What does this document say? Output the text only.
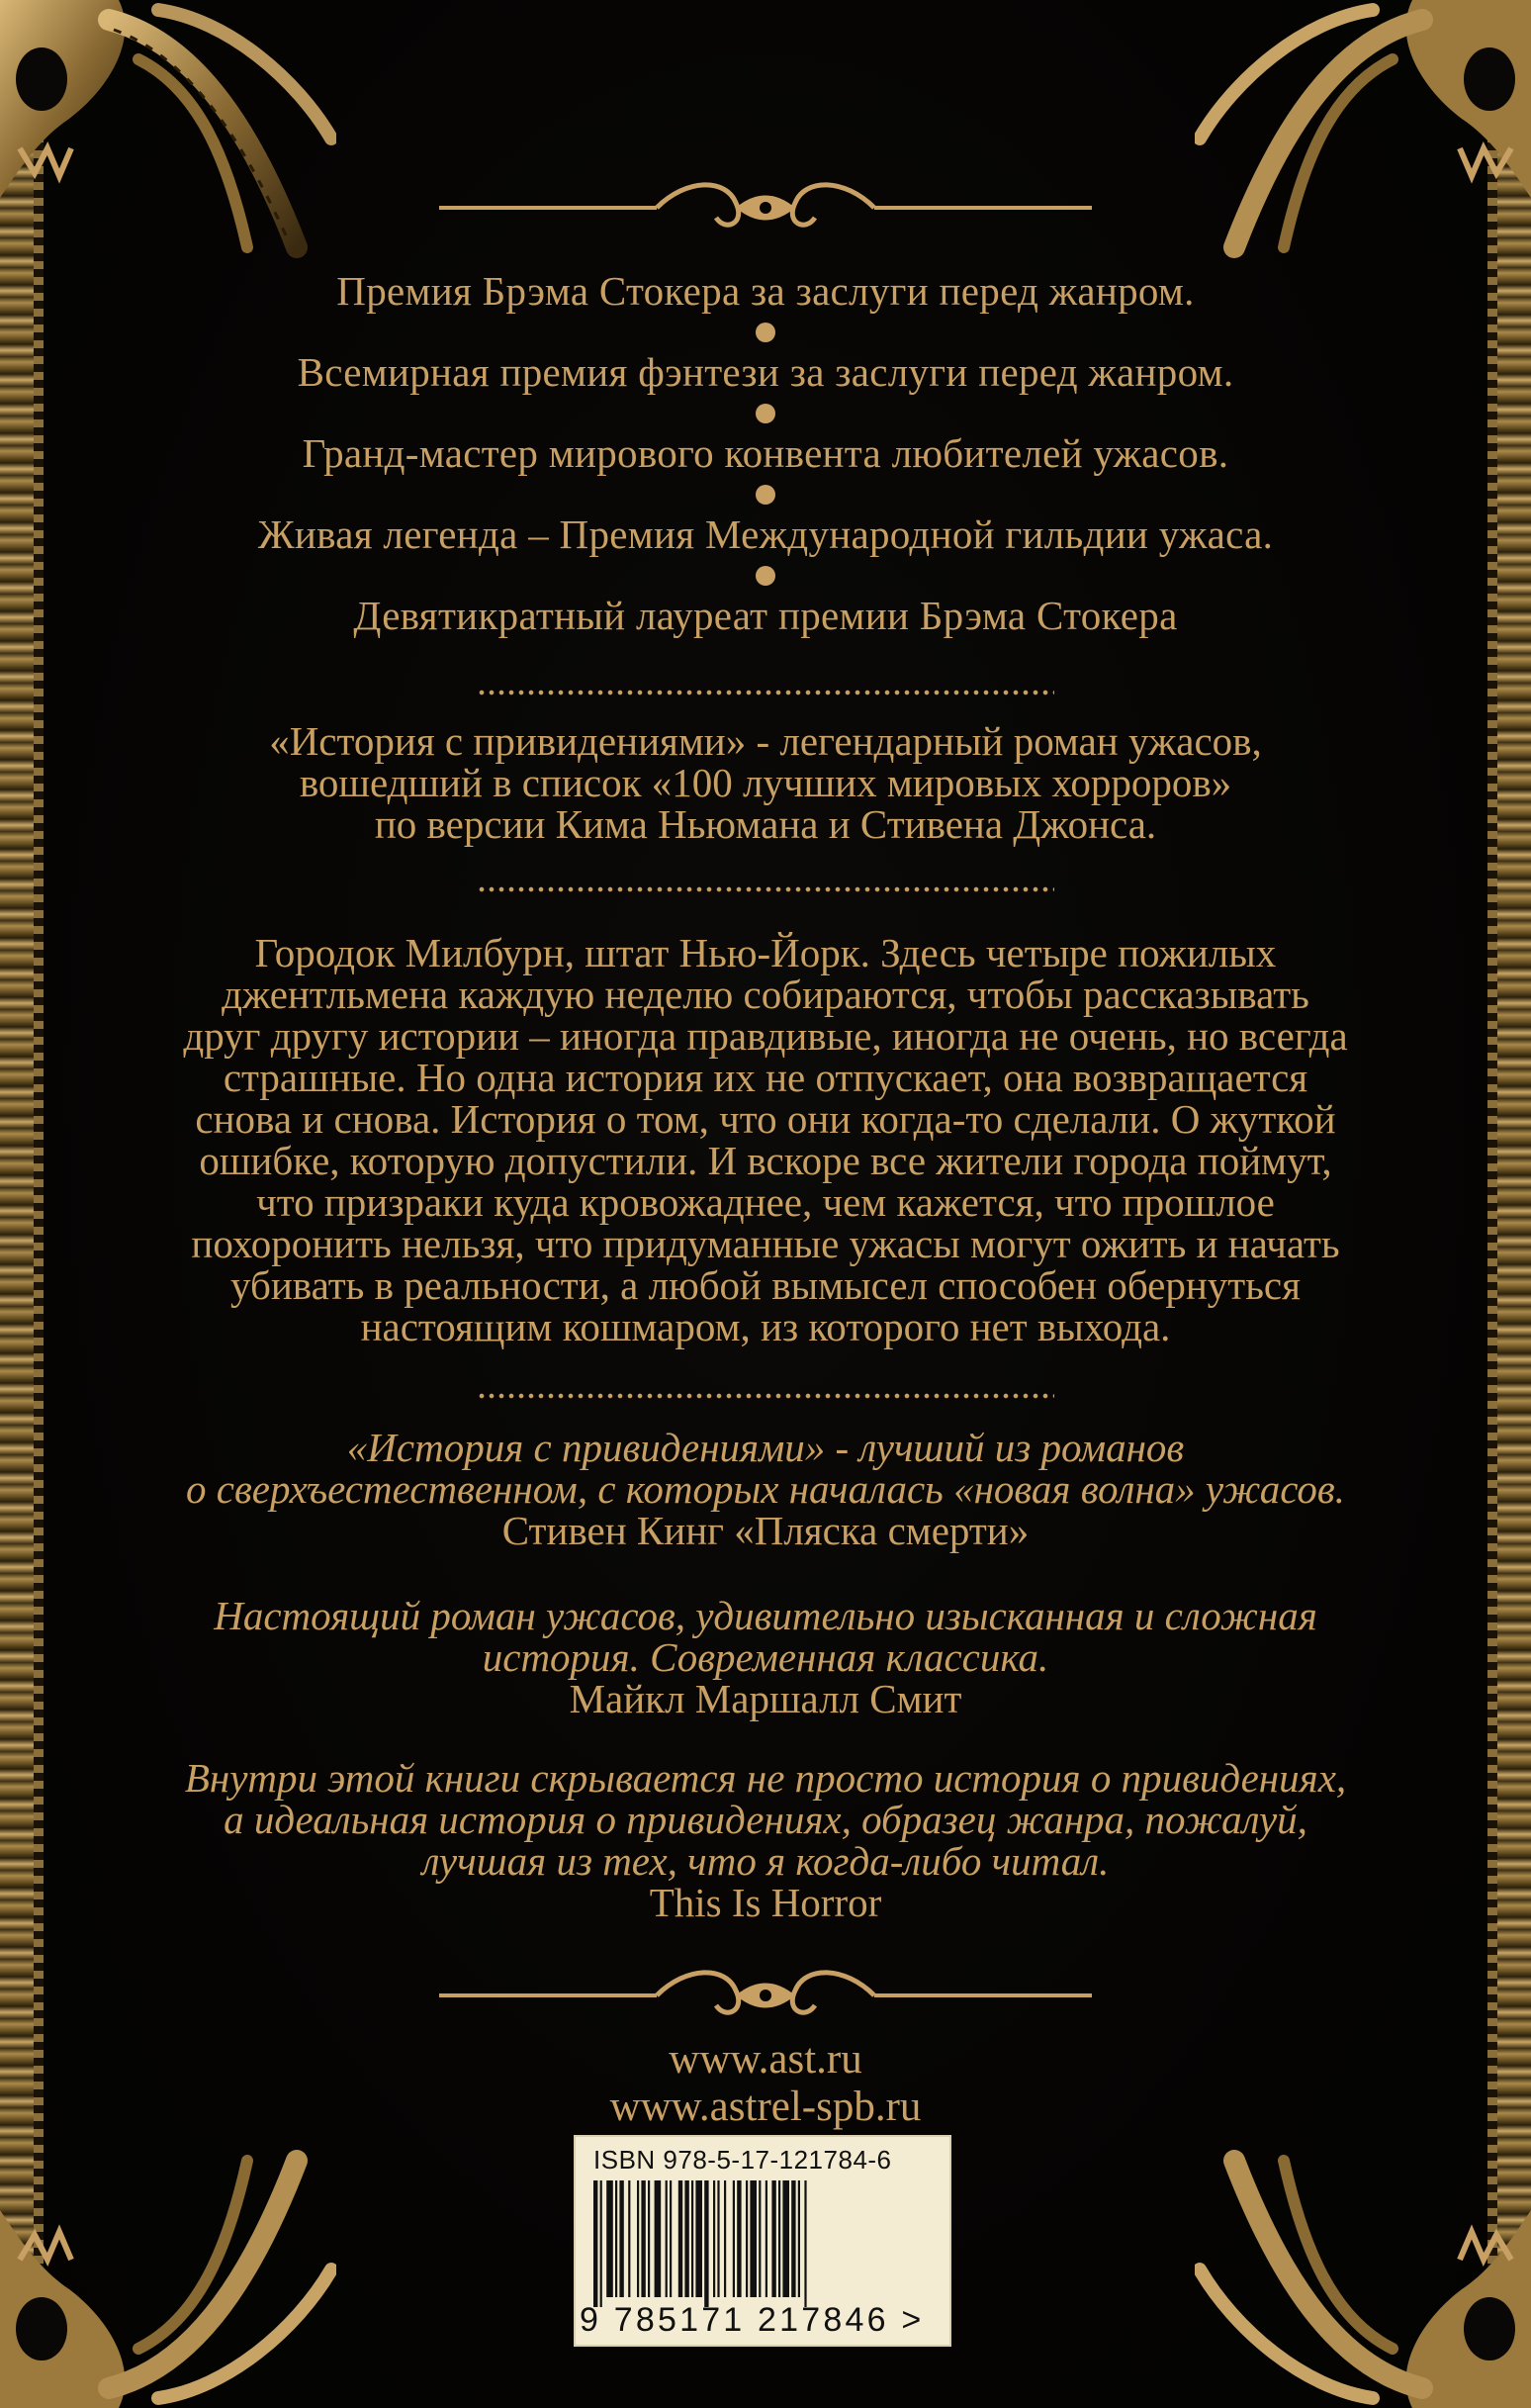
Премия Брэма Стокера за заслуги перед жанром.
Всемирная премия фэнтези за заслуги перед жанром.
Гранд-мастер мирового конвента любителей ужасов.
Живая легенда – Премия Международной гильдии ужаса.
Девятикратный лауреат премии Брэма Стокера
«История с привидениями» - легендарный роман ужасов,
вошедший в список «100 лучших мировых хорроров»
по версии Кима Ньюмана и Стивена Джонса.
Городок Милбурн, штат Нью-Йорк. Здесь четыре пожилых
джентльмена каждую неделю собираются, чтобы рассказывать
друг другу истории – иногда правдивые, иногда не очень, но всегда
страшные. Но одна история их не отпускает, она возвращается
снова и снова. История о том, что они когда-то сделали. О жуткой
ошибке, которую допустили. И вскоре все жители города поймут,
что призраки куда кровожаднее, чем кажется, что прошлое
похоронить нельзя, что придуманные ужасы могут ожить и начать
убивать в реальности, а любой вымысел способен обернуться
настоящим кошмаром, из которого нет выхода.
«История с привидениями» - лучший из романов
о сверхъестественном, с которых началась «новая волна» ужасов.
Стивен Кинг «Пляска смерти»
Настоящий роман ужасов, удивительно изысканная и сложная
история. Современная классика.
Майкл Маршалл Смит
Внутри этой книги скрывается не просто история о привидениях,
а идеальная история о привидениях, образец жанра, пожалуй,
лучшая из тех, что я когда-либо читал.
This Is Horror
www.ast.ru
www.astrel-spb.ru
ISBN 978-5-17-121784-6
9 785171 217846 >
